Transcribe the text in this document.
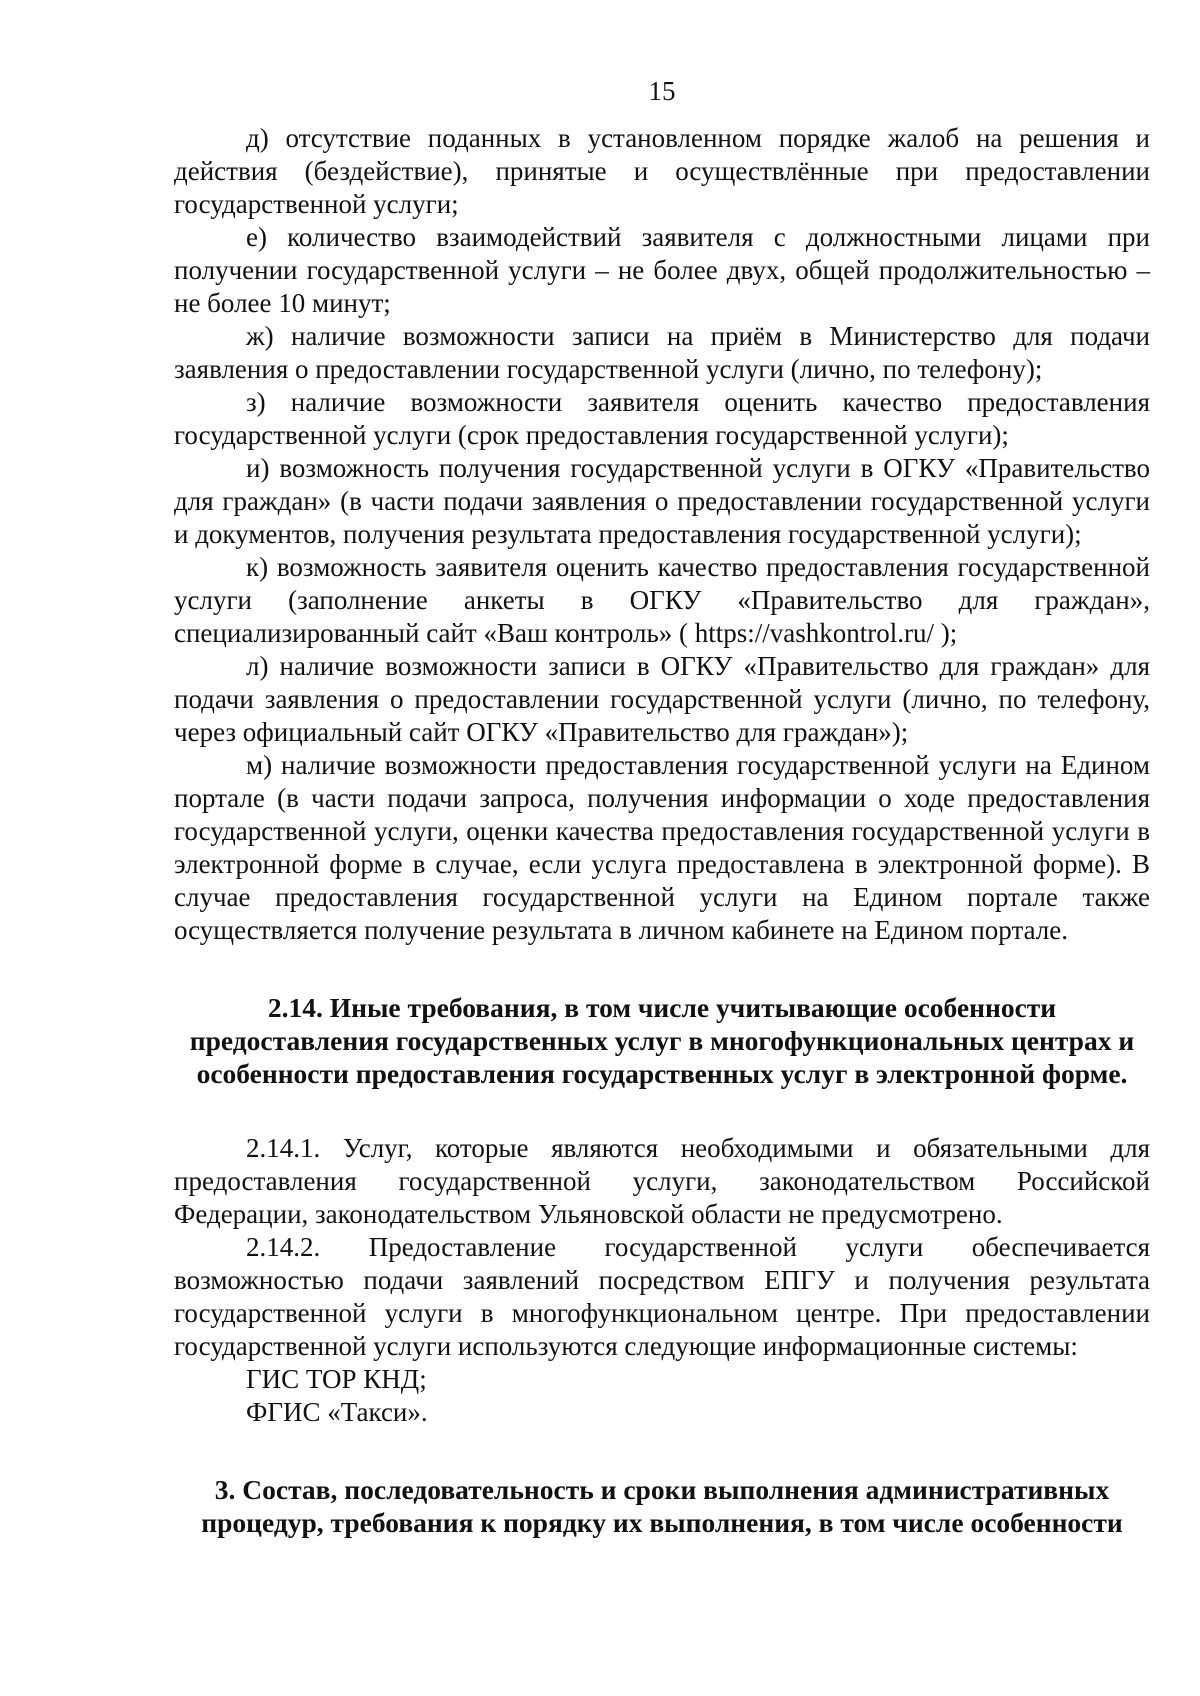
15

д) отсутствие поданных в установленном порядке жалоб на решения и действия (бездействие), принятые и осуществлённые при предоставлении государственной услуги;

е) количество взаимодействий заявителя с должностными лицами при получении государственной услуги – не более двух, общей продолжительностью – не более 10 минут;

ж) наличие возможности записи на приём в Министерство для подачи заявления о предоставлении государственной услуги (лично, по телефону);

з) наличие возможности заявителя оценить качество предоставления государственной услуги (срок предоставления государственной услуги);

и) возможность получения государственной услуги в ОГКУ «Правительство для граждан» (в части подачи заявления о предоставлении государственной услуги и документов, получения результата предоставления государственной услуги);

к) возможность заявителя оценить качество предоставления государственной услуги (заполнение анкеты в ОГКУ «Правительство для граждан», специализированный сайт «Ваш контроль» ( https://vashkontrol.ru/ );

л) наличие возможности записи в ОГКУ «Правительство для граждан» для подачи заявления о предоставлении государственной услуги (лично, по телефону, через официальный сайт ОГКУ «Правительство для граждан»);

м) наличие возможности предоставления государственной услуги на Едином портале (в части подачи запроса, получения информации о ходе предоставления государственной услуги, оценки качества предоставления государственной услуги в электронной форме в случае, если услуга предоставлена в электронной форме). В случае предоставления государственной услуги на Едином портале также осуществляется получение результата в личном кабинете на Едином портале.

2.14. Иные требования, в том числе учитывающие особенности предоставления государственных услуг в многофункциональных центрах и особенности предоставления государственных услуг в электронной форме.

2.14.1. Услуг, которые являются необходимыми и обязательными для предоставления государственной услуги, законодательством Российской Федерации, законодательством Ульяновской области не предусмотрено.

2.14.2. Предоставление государственной услуги обеспечивается возможностью подачи заявлений посредством ЕПГУ и получения результата государственной услуги в многофункциональном центре. При предоставлении государственной услуги используются следующие информационные системы:

ГИС ТОР КНД;

ФГИС «Такси».

3. Состав, последовательность и сроки выполнения административных процедур, требования к порядку их выполнения, в том числе особенности
